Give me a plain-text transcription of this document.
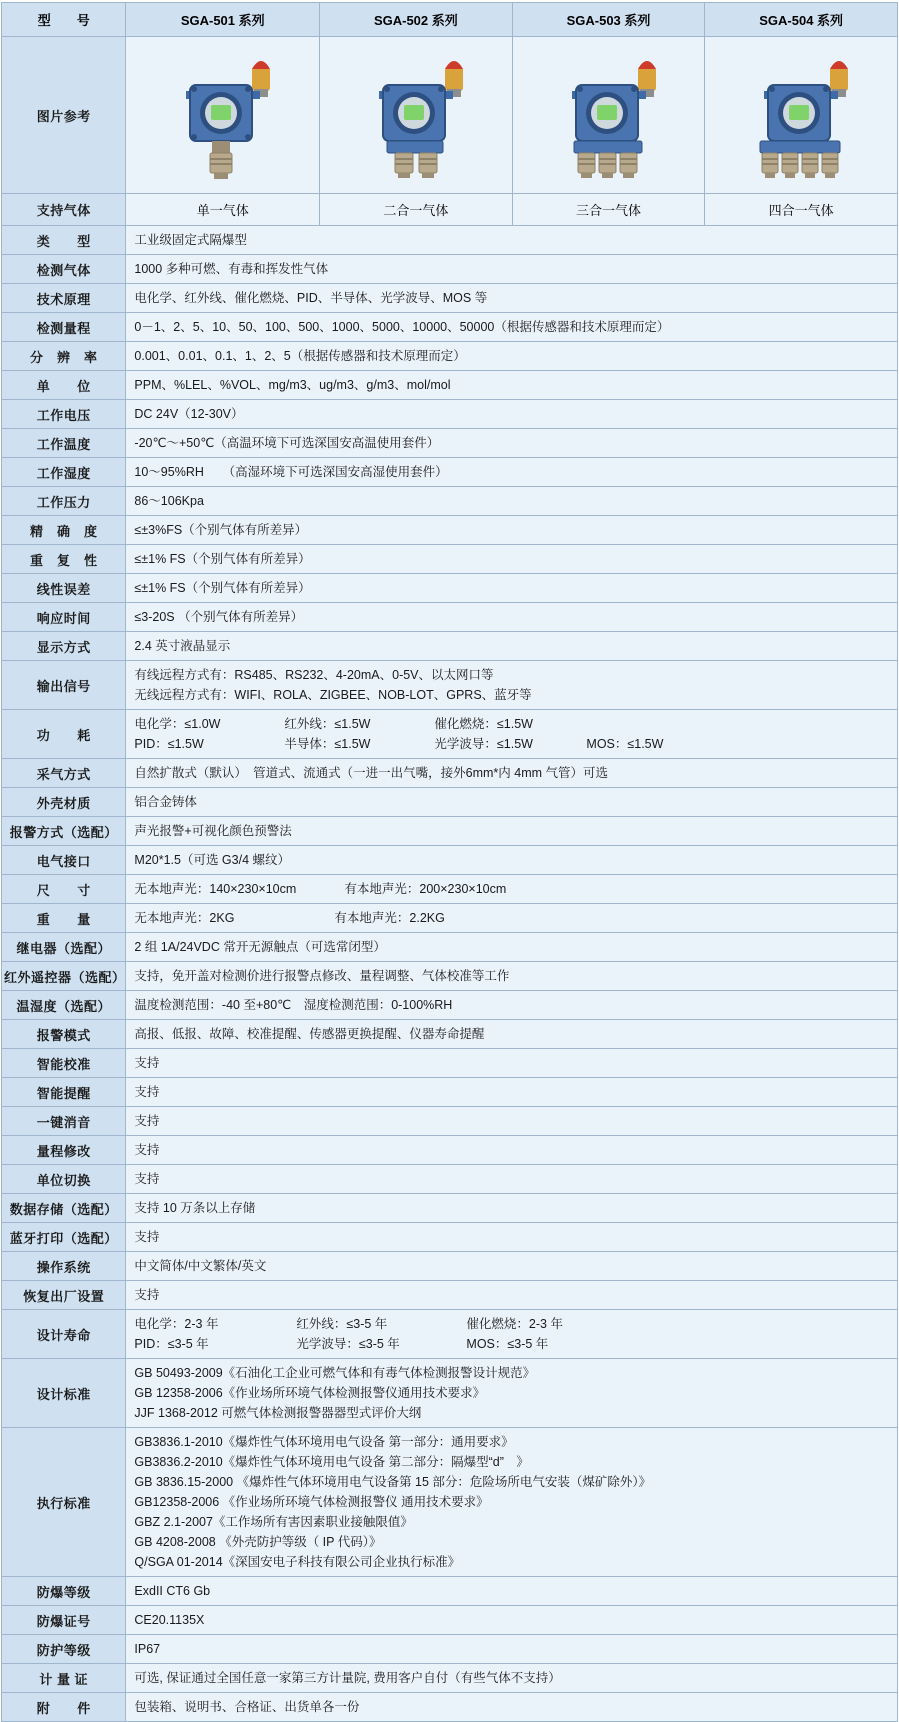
型　　号	SGA-501 系列	SGA-502 系列	SGA-503 系列	SGA-504 系列
图片参考	

支持气体	单一气体	二合一气体	三合一气体	四合一气体
类　　型	工业级固定式隔爆型			
检测气体	1000 多种可燃、有毒和挥发性气体			
技术原理	电化学、红外线、催化燃烧、PID、半导体、光学波导、MOS 等			
检测量程	0－1、2、5、10、50、100、500、1000、5000、10000、50000（根据传感器和技术原理而定）			
分　辨　率	0.001、0.01、0.1、1、2、5（根据传感器和技术原理而定）			
单　　位	PPM、%LEL、%VOL、mg/m3、ug/m3、g/m3、mol/mol			
工作电压	DC 24V（12-30V）			
工作温度	-20℃～+50℃（高温环境下可选深国安高温使用套件）			
工作湿度	10～95%RH　　（高湿环境下可选深国安高湿使用套件）			
工作压力	86～106Kpa			
精　确　度	≤±3%FS（个别气体有所差异）			
重　复　性	≤±1% FS（个别气体有所差异）			
线性误差	≤±1% FS（个别气体有所差异）			
响应时间	≤3-20S （个别气体有所差异）			
显示方式	2.4 英寸液晶显示			
输出信号	有线远程方式有：RS485、RS232、4-20mA、0-5V、以太网口等
无线远程方式有：WIFI、ROLA、ZIGBEE、NOB-LOT、GPRS、蓝牙等			

功　　耗	电化学：≤1.0W 红外线：≤1.5W 催化燃烧：≤1.5W
PID：≤1.5W 半导体：≤1.5W 光学波导：≤1.5W MOS：≤1.5W			

采气方式	自然扩散式（默认）　管道式、流通式（一进一出气嘴，接外6mm*内 4mm 气管）可选			
外壳材质	铝合金铸体			
报警方式（选配）	声光报警+可视化颜色预警法			
电气接口	M20*1.5（可选 G3/4 螺纹）			
尺　　寸	无本地声光：140×230×10cm 有本地声光：200×230×10cm			
重　　量	无本地声光：2KG 有本地声光：2.2KG			
继电器（选配）	2 组 1A/24VDC 常开无源触点（可选常闭型）			
红外遥控器（选配）	支持，免开盖对检测价进行报警点修改、量程调整、气体校准等工作			
温湿度（选配）	温度检测范围：-40 至+80℃　湿度检测范围：0-100%RH			
报警模式	高报、低报、故障、校准提醒、传感器更换提醒、仪器寿命提醒			
智能校准	支持			
智能提醒	支持			
一键消音	支持			
量程修改	支持			
单位切换	支持			
数据存储（选配）	支持 10 万条以上存储			
蓝牙打印（选配）	支持			
操作系统	中文简体/中文繁体/英文			
恢复出厂设置	支持			
设计寿命	电化学：2-3 年 红外线：≤3-5 年 催化燃烧：2-3 年
PID：≤3-5 年 光学波导：≤3-5 年 MOS：≤3-5 年			

设计标准	GB 50493-2009《石油化工企业可燃气体和有毒气体检测报警设计规范》
GB 12358-2006《作业场所环境气体检测报警仪通用技术要求》
JJF 1368-2012 可燃气体检测报警器器型式评价大纲			

执行标准	
GB3836.1-2010《爆炸性气体环境用电气设备 第一部分：通用要求》
GB3836.2-2010《爆炸性气体环境用电气设备 第二部分：隔爆型“d”　》
GB 3836.15-2000 《爆炸性气体环境用电气设备第 15 部分：危险场所电气安装（煤矿除外）》
GB12358-2006 《作业场所环境气体检测报警仪 通用技术要求》
GBZ 2.1-2007《工作场所有害因素职业接触限值》
GB 4208-2008 《外壳防护等级（ IP 代码）》
Q/SGA 01-2014《深国安电子科技有限公司企业执行标准》

防爆等级	ExdII CT6 Gb			
防爆证号	CE20.1135X			
防护等级	IP67			
计 量 证	可选, 保证通过全国任意一家第三方计量院, 费用客户自付（有些气体不支持）			
附　　件	包装箱、说明书、合格证、出货单各一份			
